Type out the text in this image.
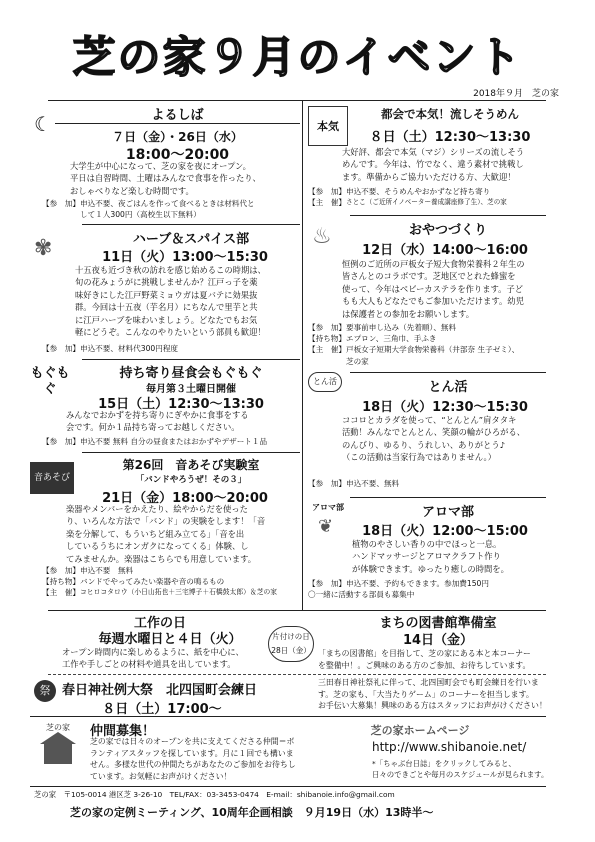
芝の家９月のイベント
2018年９月　芝の家
☾	よるしば
７日（金）・26日（水）
18:00～20:00
大学生が中心になって、芝の家を夜にオープン。
平日は自習時間、土曜はみんなで食事を作ったり、
おしゃべりなど楽しむ時間です。
【参　加】 申込不要、夜ごはんを作って食べるときは材料代と
して１人300円（高校生以下無料）
✾	ハーブ＆スパイス部
11日（火）13:00～15:30
十五夜も近づき秋の訪れを感じ始めるこの時期は、
旬の花みょうがに挑戦しませんか？江戸っ子を薬
味好きにした江戸野菜ミョウガは夏バテに効果抜
群。今回は十五夜（芋名月）にちなんで里芋と共
に江戸ハーブを味わいましょう。どなたでもお気
軽にどうぞ。こんなのやりたいという部員も歓迎！
【参　加】 申込不要、材料代300円程度
もぐもぐ
持ち寄り昼食会もぐもぐ
毎月第３土曜日開催
15日（土）12:30～13:30
みんなでおかずを持ち寄りにぎやかに食事をする
会です。何か１品持ち寄ってお越しください。
【参　加】 申込不要 無料 自分の昼食またはおかずやデザート１品
音あそび
第26回　音あそび実験室
「バンドやろうぜ！その３」
21日（金）18:00～20:00
楽器やメンバーをかえたり、絵やからだを使った
り、いろんな方法で「バンド」の実験をします！「音
楽を分解して、もういちど組み立てる」「音を出
しているうちにオンガクになってくる」体験、し
てみませんか。楽器はこちらでも用意しています。
【参　加】 申込不要　無料
【持ち物】 バンドでやってみたい楽器や音の鳴るもの
【主　催】 コヒロコタロウ（小日山拓也＋三宅博子＋石橋鼓太郎）＆芝の家
本気
都会で本気！流しそうめん
８日（土）12:30～13:30
大好評、都会で本気（マジ）シリーズの流しそう
めんです。今年は、竹でなく、違う素材で挑戦し
ます。準備からご協力いただける方、大歓迎！
【参　加】 申込不要、そうめんやおかずなど持ち寄り
【主　催】 さとこ（ご近所イノベーター養成講座修了生）、芝の家
♨	おやつづくり
12日（水）14:00～16:00
恒例のご近所の戸板女子短大食物栄養科２年生の
皆さんとのコラボです。芝地区でとれた蜂蜜を
使って、今年はベビーカステラを作ります。子ど
もも大人もどなたでもご参加いただけます。幼児
は保護者との参加をお願いします。
【参　加】 要事前申し込み（先着順）、無料
【持ち物】 エプロン、三角巾、手ふき
【主　催】 戸板女子短期大学食物栄養科（井部奈 生子ゼミ）、
芝の家
とん活	とん活
18日（火）12:30～15:30
ココロとカラダを使って、“とんとん”肩タタキ
活動！みんなでとんとん、笑顔の輪がひろがる、
のんびり、ゆるり、うれしい、ありがとう♪
（この活動は当家行為ではありません。）
【参　加】 申込不要、無料
アロマ部
❦
アロマ部
18日（火）12:00～15:00
植物のやさしい香りの中でほっと一息。
ハンドマッサージとアロマクラフト作り
が体験できます。ゆったり癒しの時間を。
【参　加】 申込不要、予約もできます。参加費150円
〇一緒に活動する部員も募集中
工作の日
毎週水曜日と４日（火）
オープン時間内に楽しめるように、紙を中心に、
工作や手しごとの材料や道具を出しています。
片付けの日
28日（金）
まちの図書館準備室
14日（金）
「まちの図書館」を目指して、芝の家にある本と本コーナー
を整備中！。ご興味のある方のご参加、お待ちしています。
祭 春日神社例大祭　北四国町会練日
８日（土）17:00～
三田春日神社祭礼に伴って、北四国町会でも町会練日を行いま
す。芝の家も、「大当たりゲーム」のコーナーを担当します。
お手伝い大募集！興味のある方はスタッフにお声がけください！
芝の家	仲間募集！
芝の家では日々のオープンを共に支えてくださる仲間＝ボ
ランティアスタッフを探しています。月に１回でも構いま
せん。多様な世代の仲間たちがあなたのご参加をお待ちし
ています。お気軽にお声がけください！
芝の家ホームページ
http://www.shibanoie.net/
*「ちゃぶ台日誌」をクリックしてみると、
日々のできごとや毎月のスケジュールが見られます。
芝の家　〒105-0014 港区芝 3-26-10　TEL/FAX：03-3453-0474　E-mail：shibanoie.info@gmail.com
芝の家の定例ミーティング、10周年企画相談　９月19日（水）13時半～
